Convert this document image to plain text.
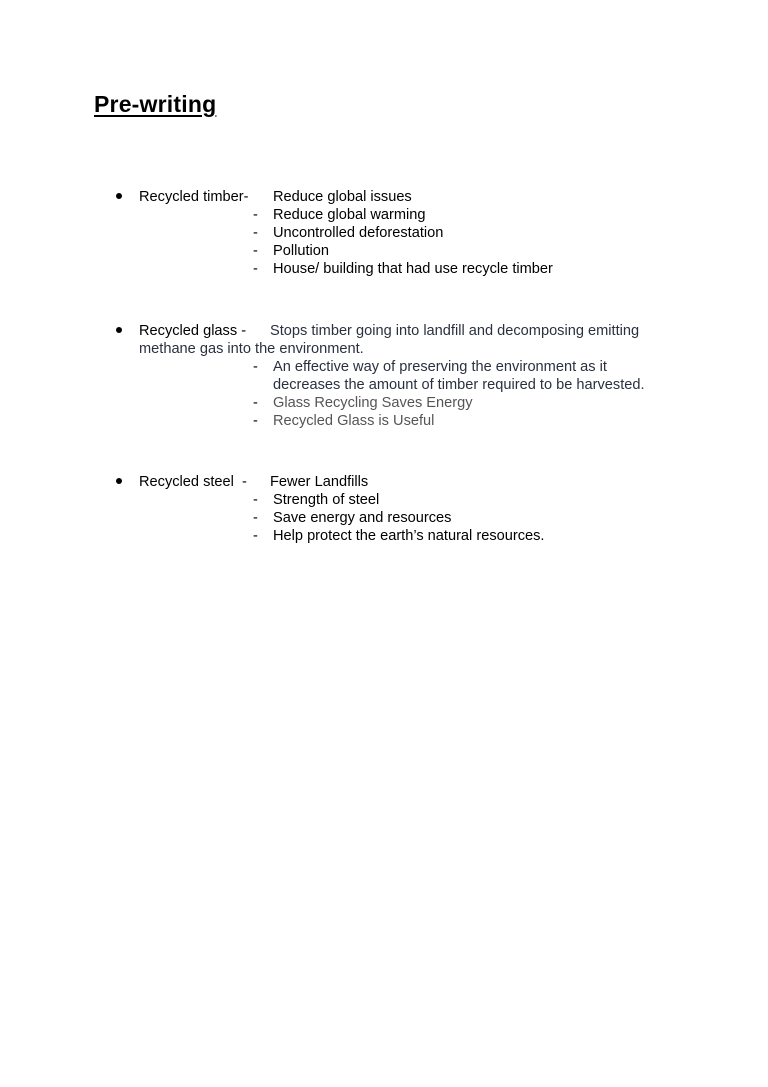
Pre-writing
Recycled timber- Reduce global issues
- Reduce global warming
- Uncontrolled deforestation
- Pollution
- House/ building that had use recycle timber
Recycled glass - Stops timber going into landfill and decomposing emitting
methane gas into the environment.
- An effective way of preserving the environment as it
decreases the amount of timber required to be harvested.
- Glass Recycling Saves Energy
- Recycled Glass is Useful
Recycled steel  - Fewer Landfills
- Strength of steel
- Save energy and resources
- Help protect the earth’s natural resources.
